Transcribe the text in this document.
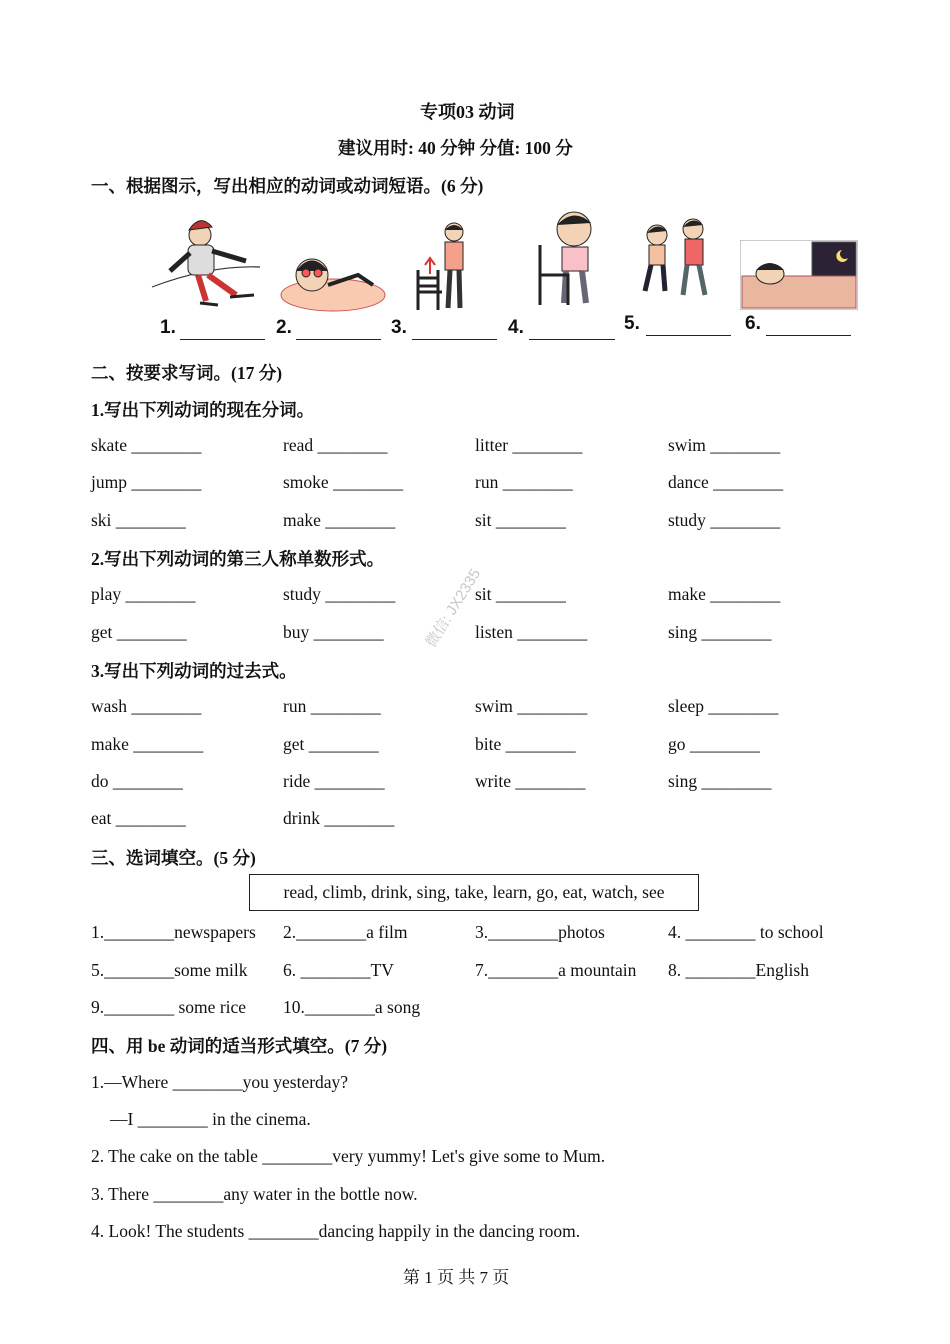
专项03 动词
建议用时: 40 分钟 分值: 100 分
一、根据图示，写出相应的动词或动词短语。(6 分)
1.	2.	3.	4.	5.	6.
二、按要求写词。(17 分)
1.写出下列动词的现在分词。
skate ________	read ________	litter ________	swim ________
jump ________	smoke ________	run ________	dance ________
ski ________	make ________	sit ________	study ________
2.写出下列动词的第三人称单数形式。
play ________	study ________	sit ________	make ________
get ________	buy ________	listen ________	sing ________
3.写出下列动词的过去式。
wash ________	run ________	swim ________	sleep ________
make ________	get ________	bite ________	go ________
do ________	ride ________	write ________	sing ________
eat ________	drink ________
三、选词填空。(5 分)
read, climb, drink, sing, take, learn, go, eat, watch, see
1.________newspapers 2.________a film	3.________photos	4. ________ to school
5.________some milk 6. ________TV	7.________a mountain 8. ________English
9.________ some rice 10.________a song
四、用 be 动词的适当形式填空。(7 分)
1.—Where ________you yesterday?
—I ________ in the cinema.
2. The cake on the table ________very yummy! Let's give some to Mum.
3. There ________any water in the bottle now.
4. Look! The students ________dancing happily in the dancing room.
微信: JX2335
第 1 页 共 7 页
